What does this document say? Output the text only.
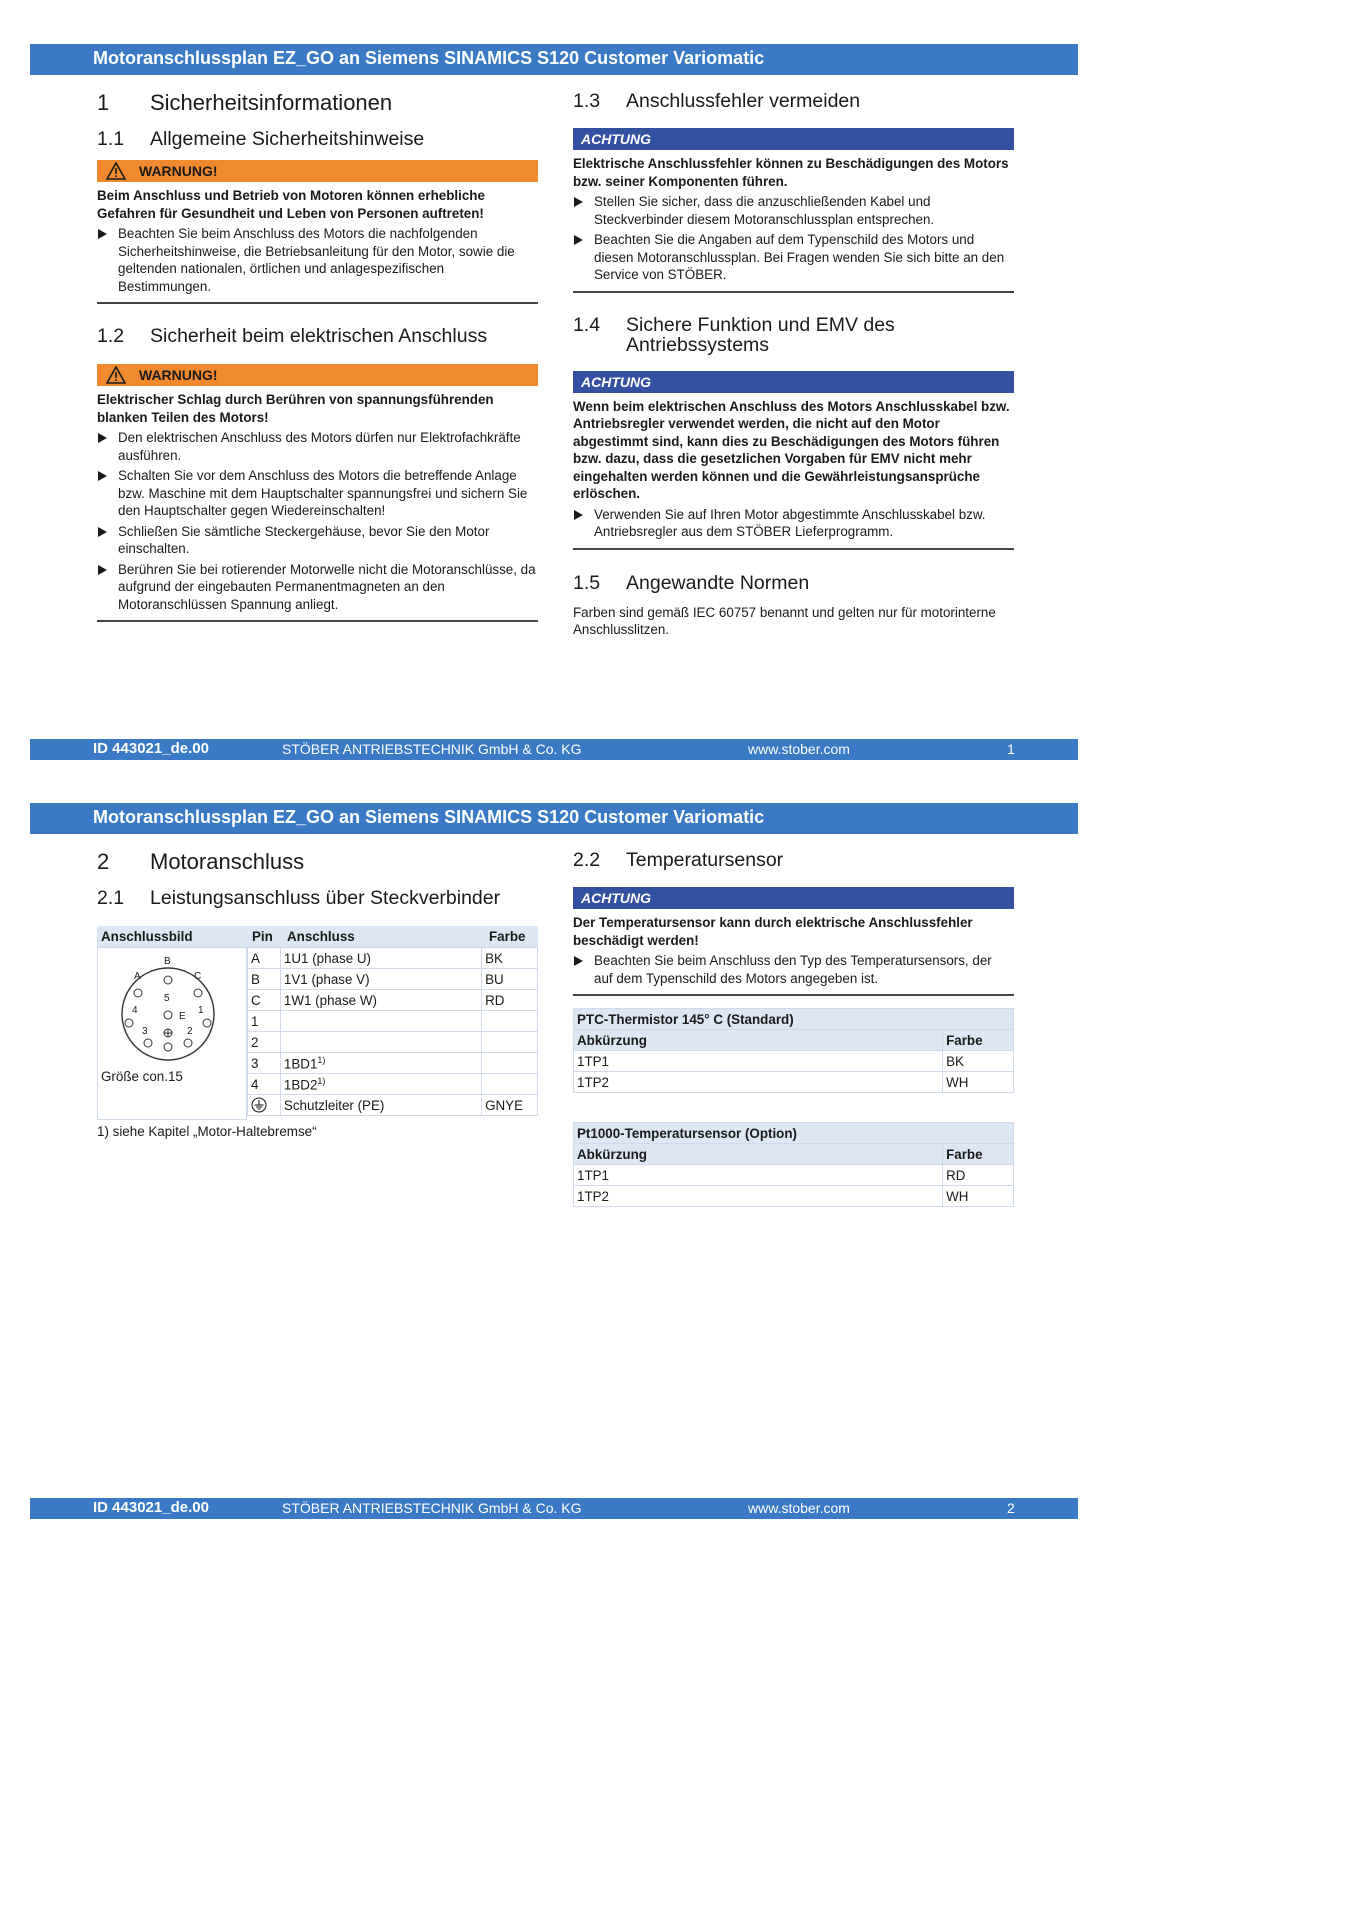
Motoranschlussplan EZ_GO an Siemens SINAMICS S120 Customer Variomatic
1 Sicherheitsinformationen
1.1 Allgemeine Sicherheitshinweise
WARNUNG!
Beim Anschluss und Betrieb von Motoren können erhebliche Gefahren für Gesundheit und Leben von Personen auftreten!
Beachten Sie beim Anschluss des Motors die nachfolgenden Sicherheitshinweise, die Betriebsanleitung für den Motor, sowie die geltenden nationalen, örtlichen und anlagespezifischen Bestimmungen.
1.2 Sicherheit beim elektrischen Anschluss
WARNUNG!
Elektrischer Schlag durch Berühren von spannungsführenden blanken Teilen des Motors!
Den elektrischen Anschluss des Motors dürfen nur Elektrofachkräfte ausführen.
Schalten Sie vor dem Anschluss des Motors die betreffende Anlage bzw. Maschine mit dem Hauptschalter spannungsfrei und sichern Sie den Hauptschalter gegen Wiedereinschalten!
Schließen Sie sämtliche Steckergehäuse, bevor Sie den Motor einschalten.
Berühren Sie bei rotierender Motorwelle nicht die Motoranschlüsse, da aufgrund der eingebauten Permanentmagneten an den Motoranschlüssen Spannung anliegt.
1.3 Anschlussfehler vermeiden
ACHTUNG
Elektrische Anschlussfehler können zu Beschädigungen des Motors bzw. seiner Komponenten führen.
Stellen Sie sicher, dass die anzuschließenden Kabel und Steckverbinder diesem Motoranschlussplan entsprechen.
Beachten Sie die Angaben auf dem Typenschild des Motors und diesen Motoranschlussplan. Bei Fragen wenden Sie sich bitte an den Service von STÖBER.
1.4 Sichere Funktion und EMV des
Antriebssystems
ACHTUNG
Wenn beim elektrischen Anschluss des Motors Anschlusskabel bzw. Antriebsregler verwendet werden, die nicht auf den Motor abgestimmt sind, kann dies zu Beschädigungen des Motors führen bzw. dazu, dass die gesetzlichen Vorgaben für EMV nicht mehr eingehalten werden können und die Gewährleistungsansprüche erlöschen.
Verwenden Sie auf Ihren Motor abgestimmte Anschlusskabel bzw. Antriebsregler aus dem STÖBER Lieferprogramm.
1.5 Angewandte Normen

Farben sind gemäß IEC 60757 benannt und gelten nur für motorinterne Anschlusslitzen.

ID 443021_de.00	STÖBER ANTRIEBSTECHNIK GmbH & Co. KG	www.stober.com	1
Motoranschlussplan EZ_GO an Siemens SINAMICS S120 Customer Variomatic
2 Motoranschluss
2.1 Leistungsanschluss über Steckverbinder
Anschlussbild	Pin Anschluss	Farbe
B
A	C
5
4	1
E
3	2
Größe con.15
A	1U1 (phase U)	BK
B	1V1 (phase V)	BU
C	1W1 (phase W)	RD
1		
2		
3	1BD1$^{1)}$	
4	1BD2$^{1)}$	
	Schutzleiter (PE)	GNYE
1) siehe Kapitel „Motor-Haltebremse“
2.2 Temperatursensor
ACHTUNG
Der Temperatursensor kann durch elektrische Anschlussfehler beschädigt werden!
Beachten Sie beim Anschluss den Typ des Temperatursensors, der auf dem Typenschild des Motors angegeben ist.
PTC-Thermistor 145° C (Standard)	
Abkürzung	Farbe
1TP1	BK
1TP2	WH
Pt1000-Temperatursensor (Option)	
Abkürzung	Farbe
1TP1	RD
1TP2	WH
ID 443021_de.00	STÖBER ANTRIEBSTECHNIK GmbH & Co. KG	www.stober.com	2
